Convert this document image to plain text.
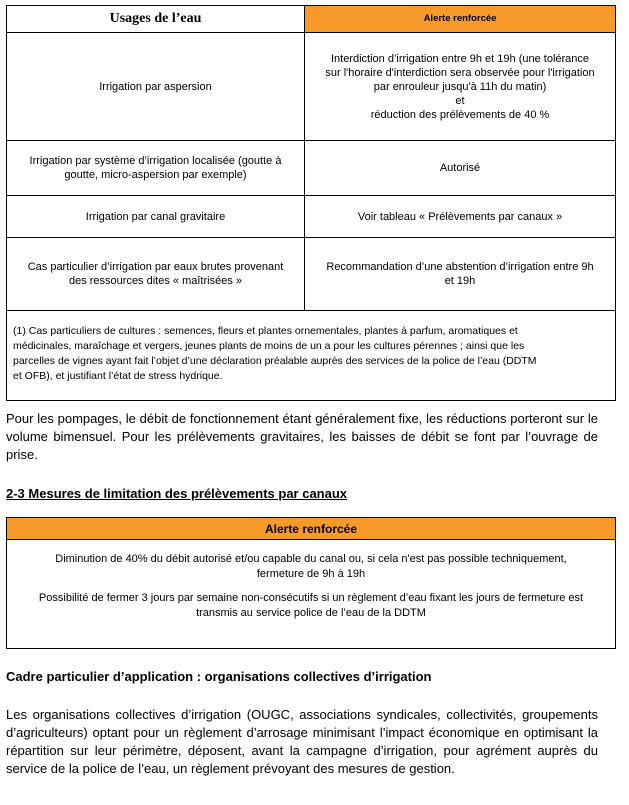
Usages de l’eau	Alerte renforcée
Irrigation par aspersion
Interdiction d’irrigation entre 9h et 19h (une tolérance
sur l'horaire d'interdiction sera observée pour l'irrigation
par enrouleur jusqu'à 11h du matin)
et
réduction des prélèvements de 40 %
Irrigation par système d’irrigation localisée (goutte à
goutte, micro-aspersion par exemple)
Autorisé
Irrigation par canal gravitaire	Voir tableau « Prélèvements par canaux »
Cas particulier d’irrigation par eaux brutes provenant
des ressources dites « maîtrisées »
Recommandation d’une abstention d’irrigation entre 9h
et 19h
(1) Cas particuliers de cultures : semences, fleurs et plantes ornementales, plantes à parfum, aromatiques et
médicinales, maraîchage et vergers, jeunes plants de moins de un a pour les cultures pérennes ; ainsi que les
parcelles de vignes ayant fait l’objet d’une déclaration préalable auprès des services de la police de l’eau (DDTM
et OFB), et justifiant l’état de stress hydrique.
Pour les pompages, le débit de fonctionnement étant généralement fixe, les réductions porteront sur le volume bimensuel. Pour les prélèvements gravitaires, les baisses de débit se font par l’ouvrage de prise.
2-3 Mesures de limitation des prélèvements par canaux
Alerte renforcée

Diminution de 40% du débit autorisé et/ou capable du canal ou, si cela n'est pas possible techniquement,
fermeture de 9h à 19h

Possibilité de fermer 3 jours par semaine non-consécutifs si un règlement d’eau fixant les jours de fermeture est
transmis au service police de l’eau de la DDTM

Cadre particulier d’application : organisations collectives d’irrigation
Les organisations collectives d’irrigation (OUGC, associations syndicales, collectivités, groupements d’agriculteurs) optant pour un règlement d’arrosage minimisant l’impact économique en optimisant la répartition sur leur périmètre, déposent, avant la campagne d’irrigation, pour agrément auprès du service de la police de l’eau, un règlement prévoyant des mesures de gestion.
